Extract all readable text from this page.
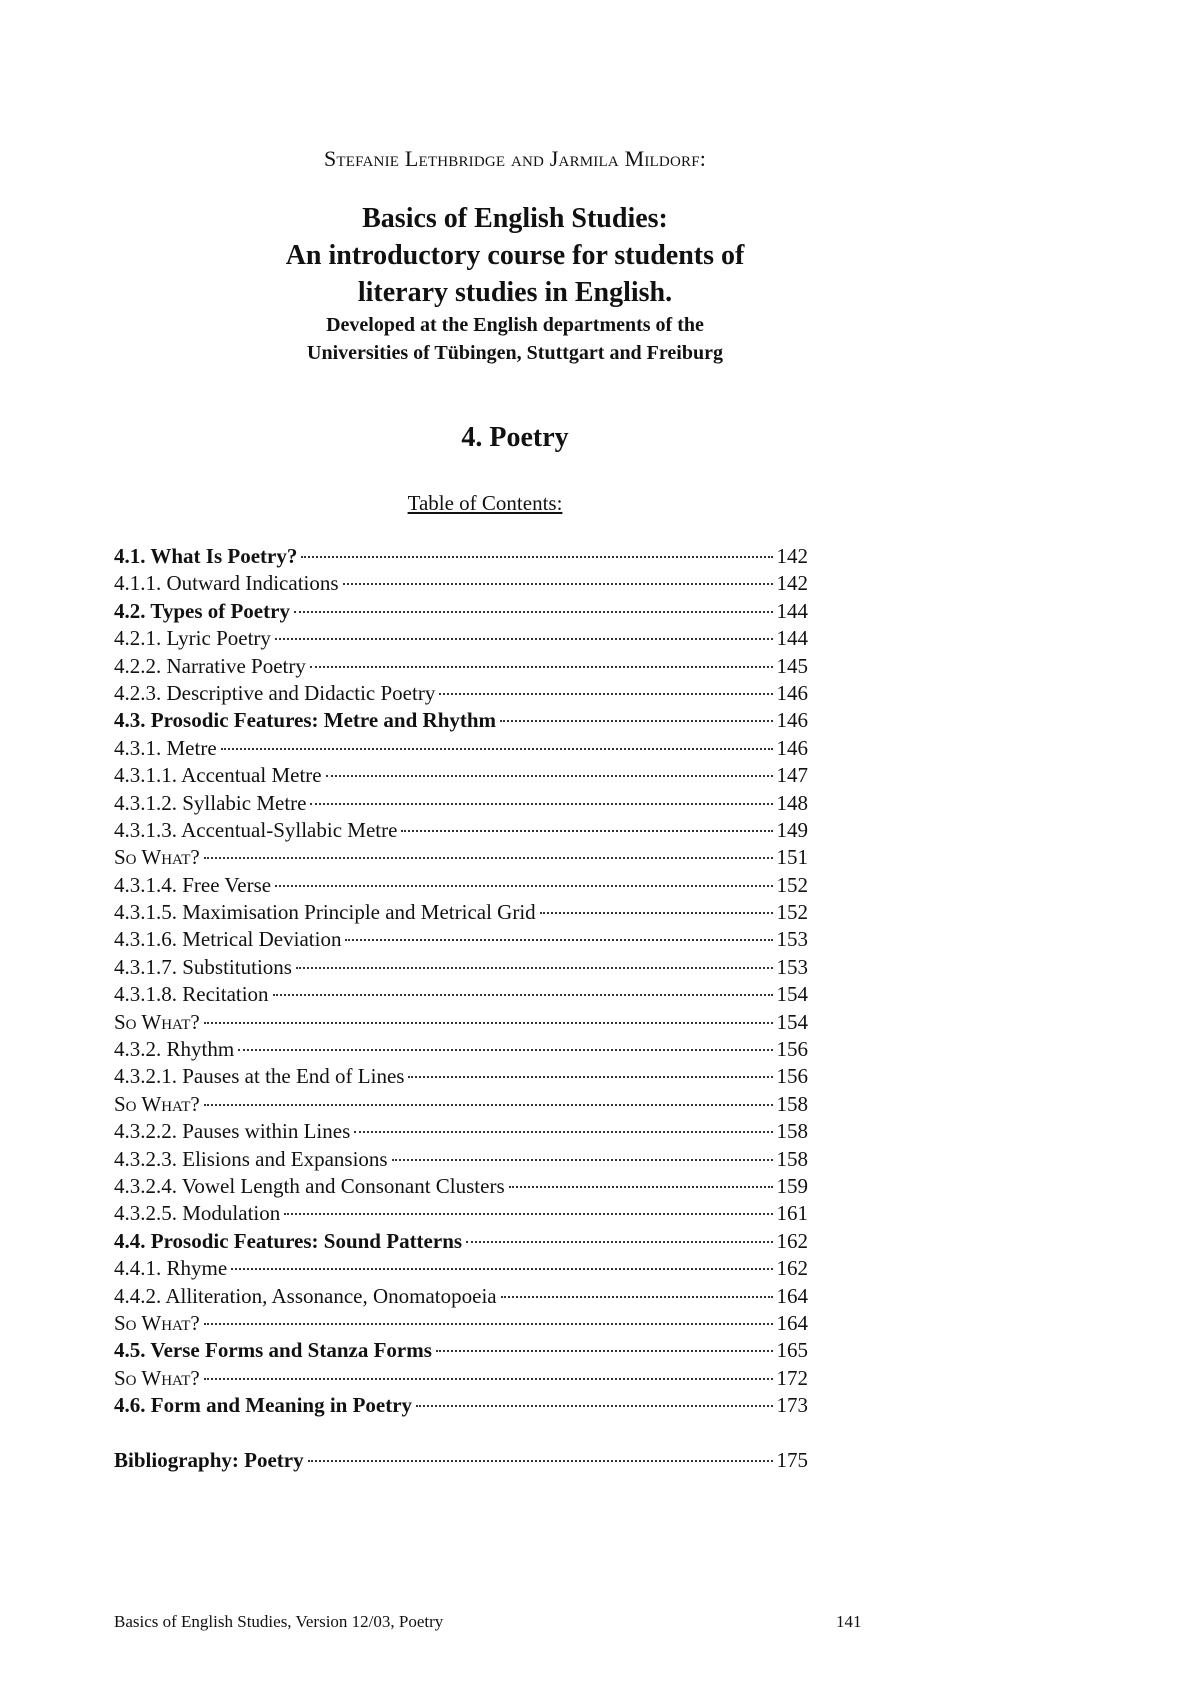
Stefanie Lethbridge and Jarmila Mildorf:
Basics of English Studies:
An introductory course for students of
literary studies in English.
Developed at the English departments of the
Universities of Tübingen, Stuttgart and Freiburg
4. Poetry
Table of Contents:
4.1. What Is Poetry?	142
4.1.1. Outward Indications	142
4.2. Types of Poetry	144
4.2.1. Lyric Poetry	144
4.2.2. Narrative Poetry	145
4.2.3. Descriptive and Didactic Poetry	146
4.3. Prosodic Features: Metre and Rhythm	146
4.3.1. Metre	146
4.3.1.1. Accentual Metre	147
4.3.1.2. Syllabic Metre	148
4.3.1.3. Accentual-Syllabic Metre	149
So What?	151
4.3.1.4. Free Verse	152
4.3.1.5. Maximisation Principle and Metrical Grid	152
4.3.1.6. Metrical Deviation	153
4.3.1.7. Substitutions	153
4.3.1.8. Recitation	154
So What?	154
4.3.2. Rhythm	156
4.3.2.1. Pauses at the End of Lines	156
So What?	158
4.3.2.2. Pauses within Lines	158
4.3.2.3. Elisions and Expansions	158
4.3.2.4. Vowel Length and Consonant Clusters	159
4.3.2.5. Modulation	161
4.4. Prosodic Features: Sound Patterns	162
4.4.1. Rhyme	162
4.4.2. Alliteration, Assonance, Onomatopoeia	164
So What?	164
4.5. Verse Forms and Stanza Forms	165
So What?	172
4.6. Form and Meaning in Poetry	173
Bibliography: Poetry	175
Basics of English Studies, Version 12/03, Poetry	141
